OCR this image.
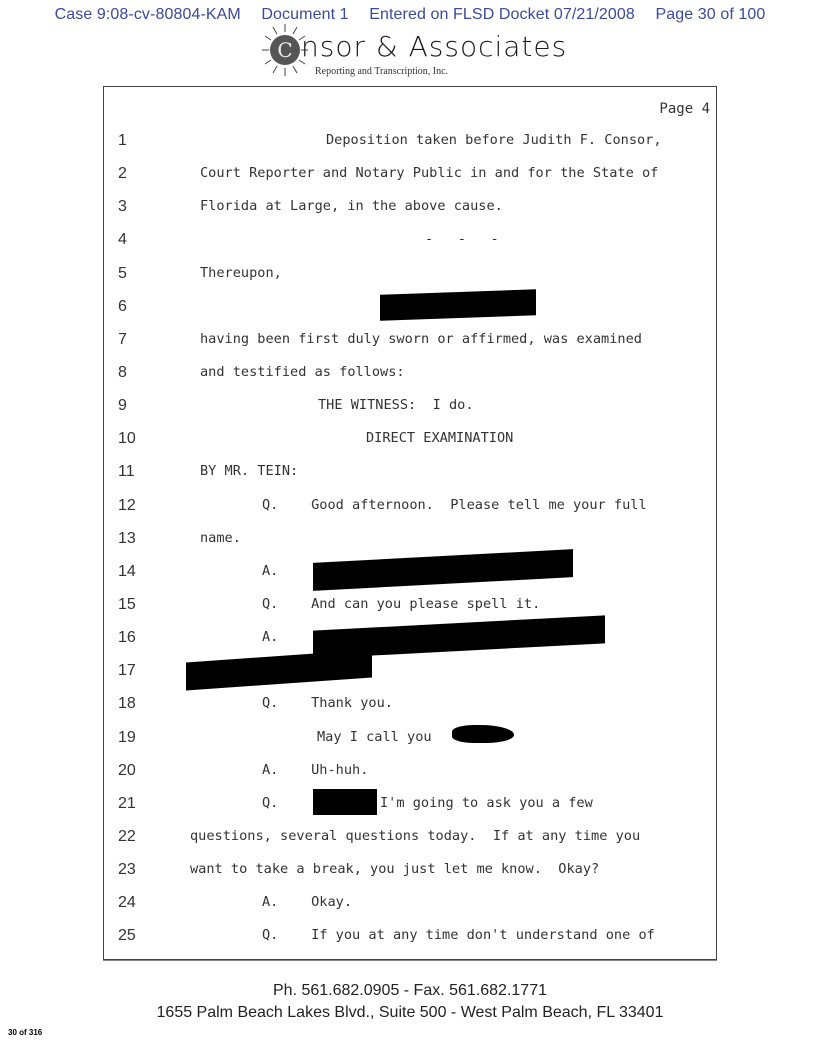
Case 9:08-cv-80804-KAM Document 1 Entered on FLSD Docket 07/21/2008 Page 30 of 100
C nsor & Associates
Reporting and Transcription, Inc.
Page 4
1	Deposition taken before Judith F. Consor,
2	Court Reporter and Notary Public in and for the State of
3	Florida at Large, in the above cause.
4	-   -   -
5	Thereupon,
6
7	having been first duly sworn or affirmed, was examined
8	and testified as follows:
9	THE WITNESS:  I do.
10	DIRECT EXAMINATION
11	BY MR. TEIN:
12	Q.    Good afternoon.  Please tell me your full
13	name.
14	A.
15	Q.    And can you please spell it.
16	A.
17
18	Q.    Thank you.
19	May I call you
20	A.    Uh-huh.
21	Q.	I'm going to ask you a few
22	questions, several questions today.  If at any time you
23	want to take a break, you just let me know.  Okay?
24	A.    Okay.
25	Q.    If you at any time don't understand one of
Ph. 561.682.0905 - Fax. 561.682.1771
1655 Palm Beach Lakes Blvd., Suite 500 - West Palm Beach, FL 33401
30 of 316
